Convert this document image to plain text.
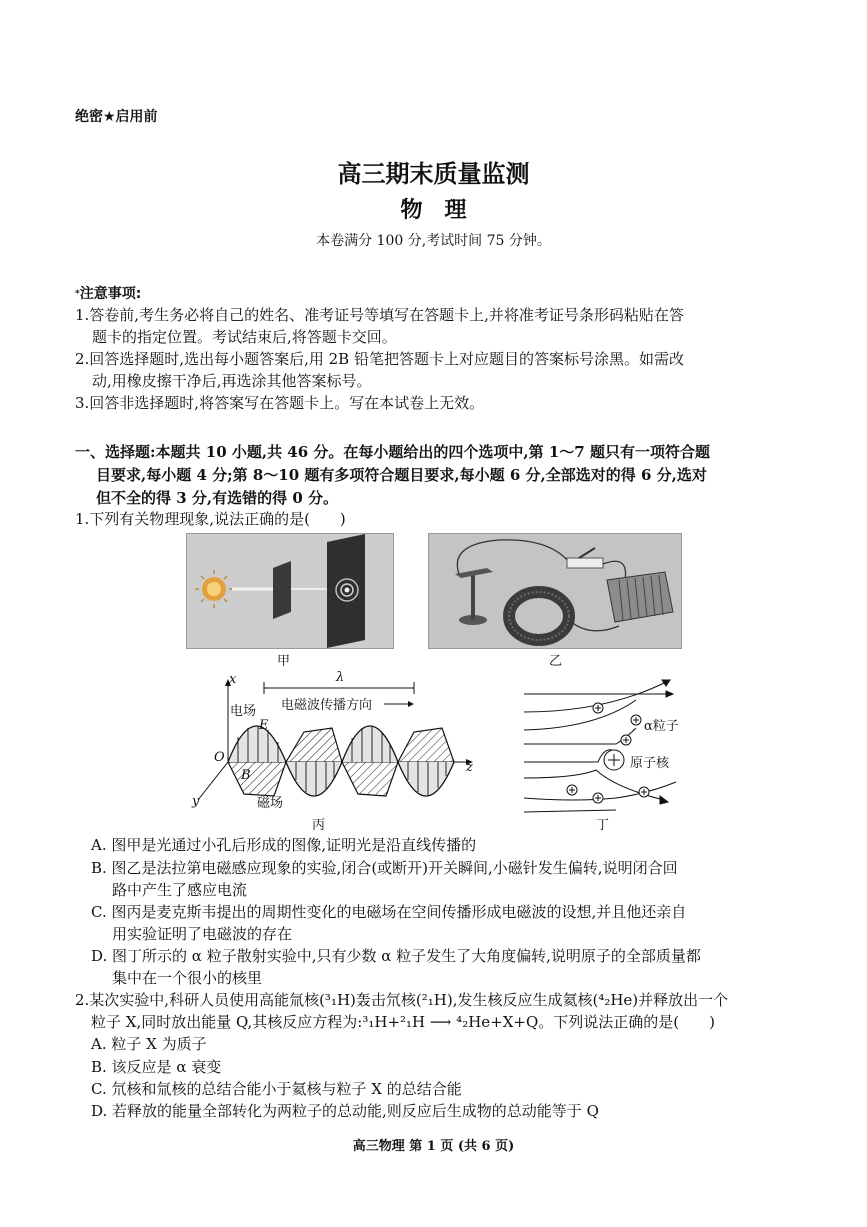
绝密★启用前
高三期末质量监测
物　理
本卷满分 100 分,考试时间 75 分钟。
*注意事项:
1.答卷前,考生务必将自己的姓名、准考证号等填写在答题卡上,并将准考证号条形码粘贴在答
题卡的指定位置。考试结束后,将答题卡交回。
2.回答选择题时,选出每小题答案后,用 2B 铅笔把答题卡上对应题目的答案标号涂黑。如需改
动,用橡皮擦干净后,再选涂其他答案标号。
3.回答非选择题时,将答案写在答题卡上。写在本试卷上无效。
一、选择题:本题共 10 小题,共 46 分。在每小题给出的四个选项中,第 1～7 题只有一项符合题
目要求,每小题 4 分;第 8～10 题有多项符合题目要求,每小题 6 分,全部选对的得 6 分,选对
但不全的得 3 分,有选错的得 0 分。
1.下列有关物理现象,说法正确的是(　　)
甲	乙
x	λ
电磁波传播方向
电场
E
O
B
磁场
z
y
丙
α粒子
原子核
丁
A. 图甲是光通过小孔后形成的图像,证明光是沿直线传播的
B. 图乙是法拉第电磁感应现象的实验,闭合(或断开)开关瞬间,小磁针发生偏转,说明闭合回
路中产生了感应电流
C. 图丙是麦克斯韦提出的周期性变化的电磁场在空间传播形成电磁波的设想,并且他还亲自
用实验证明了电磁波的存在
D. 图丁所示的 α 粒子散射实验中,只有少数 α 粒子发生了大角度偏转,说明原子的全部质量都
集中在一个很小的核里
2.某次实验中,科研人员使用高能氚核(³₁H)轰击氘核(²₁H),发生核反应生成氦核(⁴₂He)并释放出一个
粒子 X,同时放出能量 Q,其核反应方程为:³₁H+²₁H ⟶ ⁴₂He+X+Q。下列说法正确的是(　　)
A. 粒子 X 为质子
B. 该反应是 α 衰变
C. 氘核和氚核的总结合能小于氦核与粒子 X 的总结合能
D. 若释放的能量全部转化为两粒子的总动能,则反应后生成物的总动能等于 Q
高三物理 第 1 页 (共 6 页)
